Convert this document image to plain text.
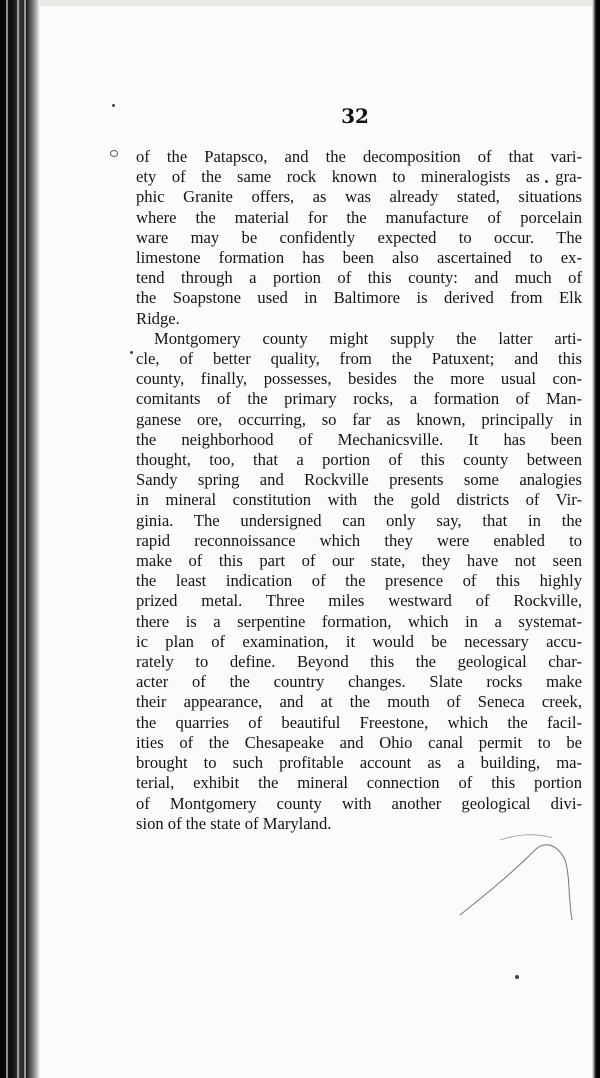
32
of the Patapsco, and the decomposition of that vari-
ety of the same rock known to mineralogists as gra-
phic Granite offers, as was already stated, situations
where the material for the manufacture of porcelain
ware may be confidently expected to occur. The
limestone formation has been also ascertained to ex-
tend through a portion of this county: and much of
the Soapstone used in Baltimore is derived from Elk
Ridge.
Montgomery county might supply the latter arti-
cle, of better quality, from the Patuxent; and this
county, finally, possesses, besides the more usual con-
comitants of the primary rocks, a formation of Man-
ganese ore, occurring, so far as known, principally in
the neighborhood of Mechanicsville. It has been
thought, too, that a portion of this county between
Sandy spring and Rockville presents some analogies
in mineral constitution with the gold districts of Vir-
ginia. The undersigned can only say, that in the
rapid reconnoissance which they were enabled to
make of this part of our state, they have not seen
the least indication of the presence of this highly
prized metal. Three miles westward of Rockville,
there is a serpentine formation, which in a systemat-
ic plan of examination, it would be necessary accu-
rately to define. Beyond this the geological char-
acter of the country changes. Slate rocks make
their appearance, and at the mouth of Seneca creek,
the quarries of beautiful Freestone, which the facil-
ities of the Chesapeake and Ohio canal permit to be
brought to such profitable account as a building, ma-
terial, exhibit the mineral connection of this portion
of Montgomery county with another geological divi-
sion of the state of Maryland.
